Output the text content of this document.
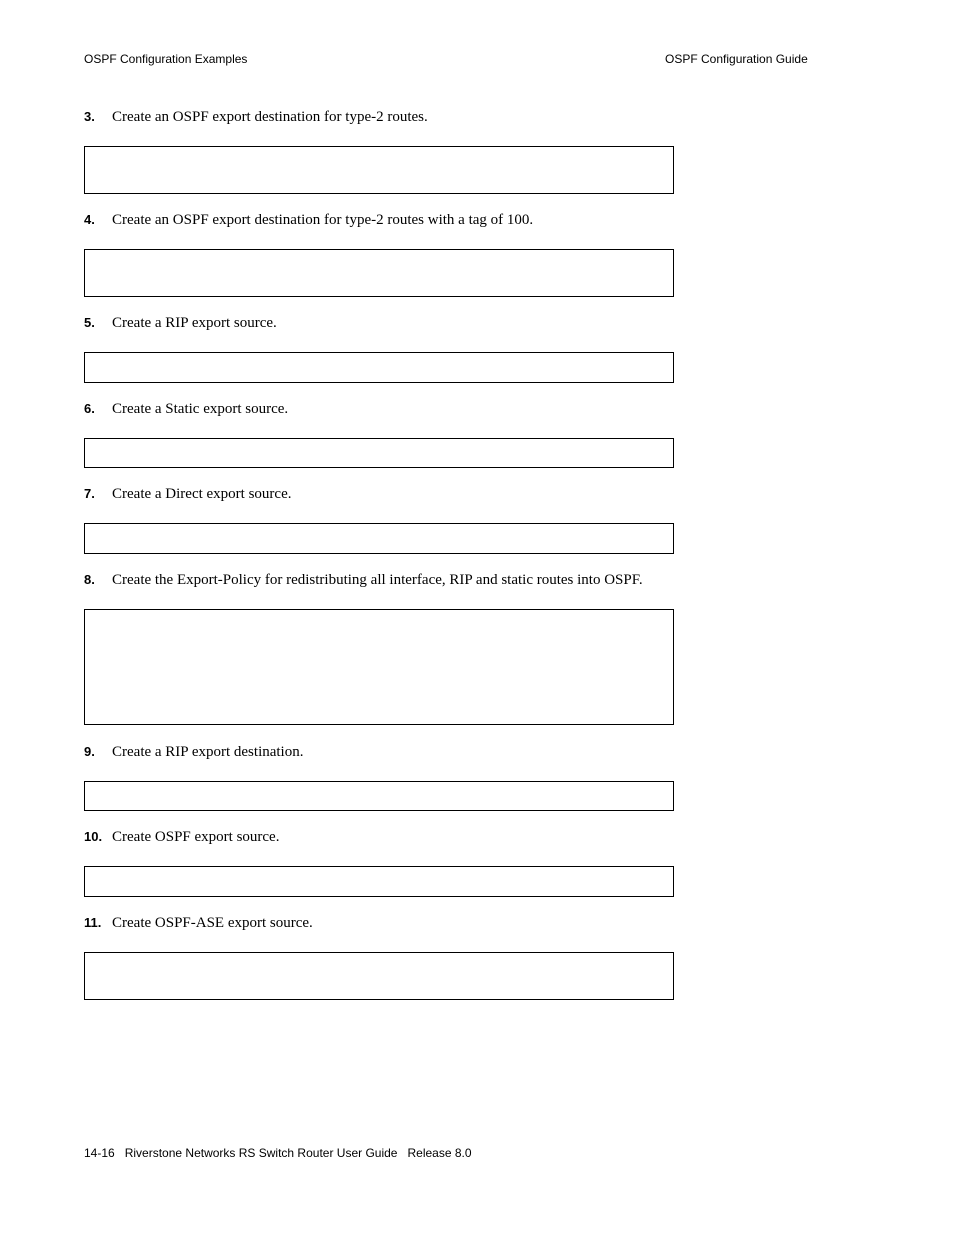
OSPF Configuration Examples	OSPF Configuration Guide
3. Create an OSPF export destination for type-2 routes.
4. Create an OSPF export destination for type-2 routes with a tag of 100.
5. Create a RIP export source.
6. Create a Static export source.
7. Create a Direct export source.
8. Create the Export-Policy for redistributing all interface, RIP and static routes into OSPF.
9. Create a RIP export destination.
10. Create OSPF export source.
11. Create OSPF-ASE export source.
14-16 Riverstone Networks RS Switch Router User Guide Release 8.0
